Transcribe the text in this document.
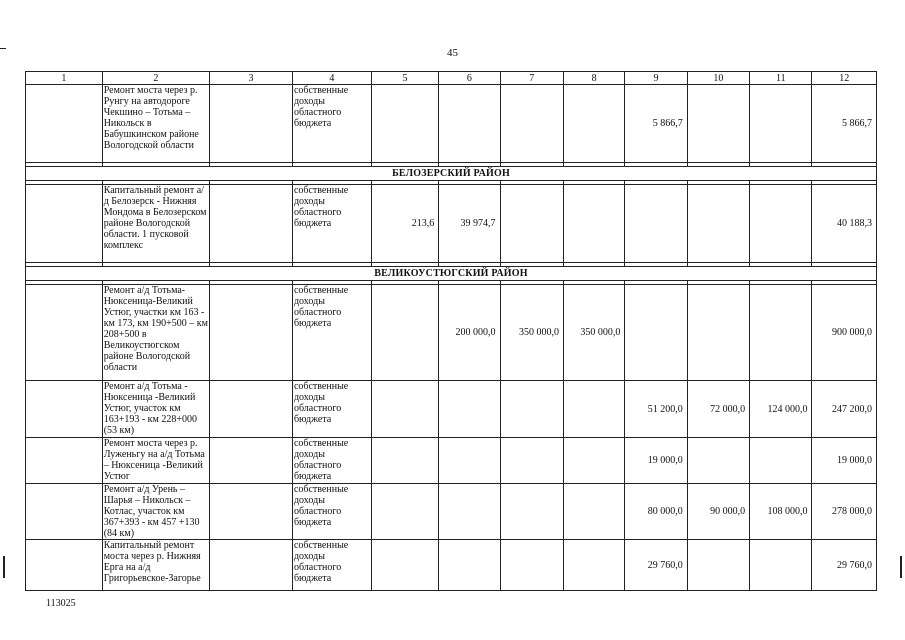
45
1	2	3	4	5	6	7	8	9	10	11	12
	Ремонт моста через р. Рунгу на автодороге Чекшино – Тотьма – Никольск в Бабушкинском районе Вологодской области		собственные доходы областного бюджета					5 866,7			5 866,7

БЕЛОЗЕРСКИЙ РАЙОН											

	Капитальный ремонт а/д Белозерск - Нижняя Мондома в Белозерском районе Вологодской области. 1 пусковой комплекс		собственные доходы областного бюджета	213,6	39 974,7						40 188,3

ВЕЛИКОУСТЮГСКИЙ РАЙОН											

	Ремонт а/д Тотьма-Нюксеница-Великий Устюг, участки км 163 - км 173, км 190+500 – км 208+500 в Великоустюгском районе Вологодской области		собственные доходы областного бюджета		200 000,0	350 000,0	350 000,0				900 000,0
	Ремонт а/д Тотьма - Нюксеница -Великий Устюг, участок км 163+193 - км 228+000 (53 км)		собственные доходы областного бюджета					51 200,0	72 000,0	124 000,0	247 200,0
	Ремонт моста через р. Луженьгу на а/д Тотьма – Нюксеница -Великий Устюг		собственные доходы областного бюджета					19 000,0			19 000,0
	Ремонт а/д Урень – Шарья – Никольск – Котлас, участок км 367+393 - км 457 +130 (84 км)		собственные доходы областного бюджета					80 000,0	90 000,0	108 000,0	278 000,0
	Капитальный ремонт моста через р. Нижняя Ерга на а/д Григорьевское-Загорье		собственные доходы областного бюджета					29 760,0			29 760,0
113025
